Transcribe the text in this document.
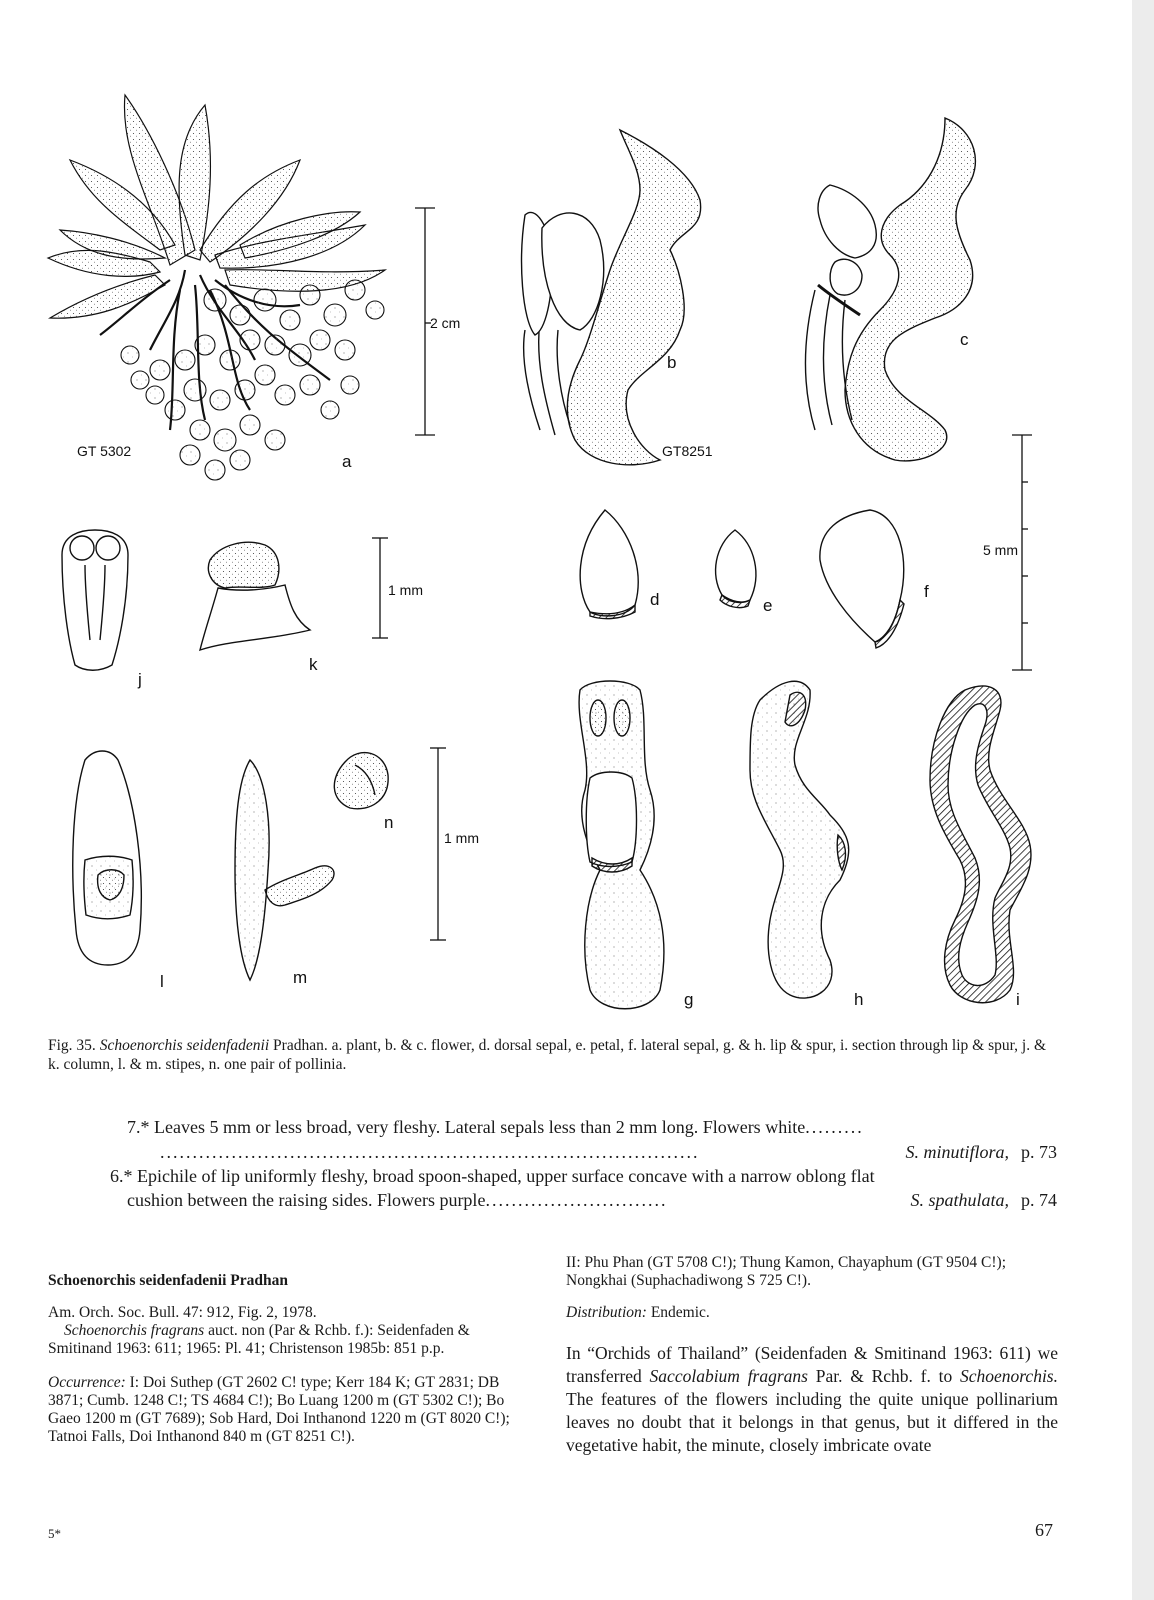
a
b
c
d	e
f
g	h	i
j
k
l	m
n
GT 5302	GT8251
2 cm
1 mm
1 mm
5 mm
Fig. 35. Schoenorchis seidenfadenii Pradhan. a. plant, b. & c. flower, d. dorsal sepal, e. petal, f. lateral sepal, g. & h. lip & spur, i. section through lip & spur, j. & k. column, l. & m. stipes, n. one pair of pollinia.
7.* Leaves 5 mm or less broad, very fleshy. Lateral sepals less than 2 mm long. Flowers white.........
...................................................................................	S. minutiflora, p. 73
6.* Epichile of lip uniformly fleshy, broad spoon-shaped, upper surface concave with a narrow oblong flat
cushion between the raising sides. Flowers purple............................	S. spathulata, p. 74

Schoenorchis seidenfadenii Pradhan

Am. Orch. Soc. Bull. 47: 912, Fig. 2, 1978.
Schoenorchis fragrans auct. non (Par & Rchb. f.): Seidenfaden & Smitinand 1963: 611; 1965: Pl. 41; Christenson 1985b: 851 p.p.

Occurrence: I: Doi Suthep (GT 2602 C! type; Kerr 184 K; GT 2831; DB 3871; Cumb. 1248 C!; TS 4684 C!); Bo Luang 1200 m (GT 5302 C!); Bo Gaeo 1200 m (GT 7689); Sob Hard, Doi Inthanond 1220 m (GT 8020 C!); Tatnoi Falls, Doi Inthanond 840 m (GT 8251 C!).

II: Phu Phan (GT 5708 C!); Thung Kamon, Chayaphum (GT 9504 C!); Nongkhai (Suphachadiwong S 725 C!).

Distribution: Endemic.

In “Orchids of Thailand” (Seidenfaden & Smitinand 1963: 611) we transferred Saccolabium fragrans Par. & Rchb. f. to Schoenorchis. The features of the flowers including the quite unique pollinarium leaves no doubt that it belongs in that genus, but it differed in the vegetative habit, the minute, closely imbricate ovate

5*	67
